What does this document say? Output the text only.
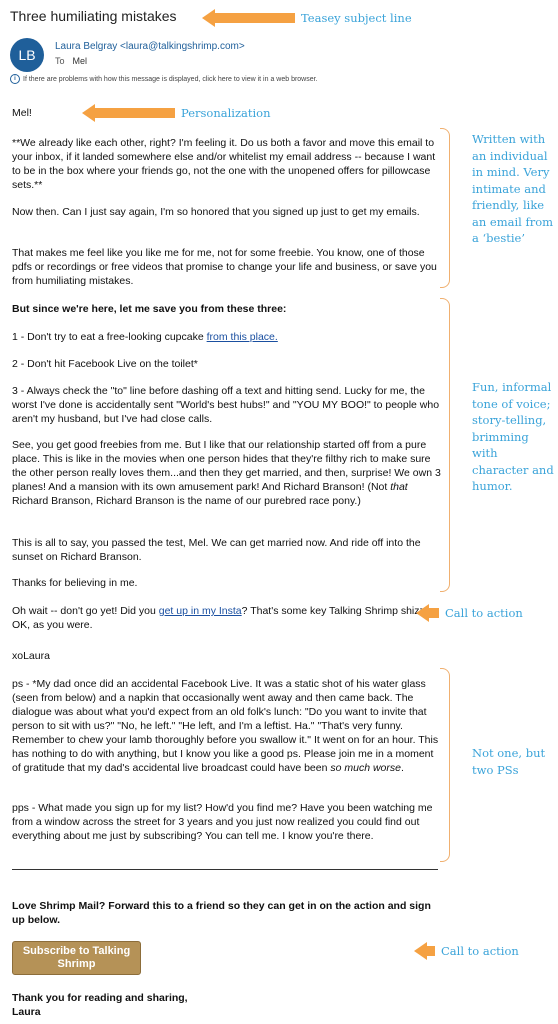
Three humiliating mistakes
LB
Laura Belgray <laura@talkingshrimp.com>
To Mel
i	If there are problems with how this message is displayed, click here to view it in a web browser.
Mel!
**We already like each other, right? I'm feeling it. Do us both a favor and move this email to your inbox, if it landed somewhere else and/or whitelist my email address -- because I want to be in the box where your friends go, not the one with the unopened offers for pillowcase sets.**
Now then. Can I just say again, I'm so honored that you signed up just to get my emails.
That makes me feel like you like me for me, not for some freebie. You know, one of those pdfs or recordings or free videos that promise to change your life and business, or save you from humiliating mistakes.
But since we're here, let me save you from these three:
1 - Don't try to eat a free-looking cupcake from this place.
2 - Don't hit Facebook Live on the toilet*
3 - Always check the "to" line before dashing off a text and hitting send. Lucky for me, the worst I've done is accidentally sent "World's best hubs!" and "YOU MY BOO!" to people who aren't my husband, but I've had close calls.
See, you get good freebies from me. But I like that our relationship started off from a pure place. This is like in the movies when one person hides that they're filthy rich to make sure the other person really loves them...and then they get married, and then, surprise! We own 3 planes! And a mansion with its own amusement park! And Richard Branson! (Not that Richard Branson, Richard Branson is the name of our purebred race pony.)
This is all to say, you passed the test, Mel. We can get married now. And ride off into the sunset on Richard Branson.
Thanks for believing in me.
Oh wait -- don't go yet! Did you get up in my Insta? That's some key Talking Shrimp shizz. OK, as you were.
xoLaura
ps - *My dad once did an accidental Facebook Live. It was a static shot of his water glass (seen from below) and a napkin that occasionally went away and then came back. The dialogue was about what you'd expect from an old folk's lunch: "Do you want to invite that person to sit with us?" "No, he left." "He left, and I'm a leftist. Ha." "That's very funny. Remember to chew your lamb thoroughly before you swallow it." It went on for an hour. This has nothing to do with anything, but I know you like a good ps. Please join me in a moment of gratitude that my dad's accidental live broadcast could have been so much worse.
pps - What made you sign up for my list? How'd you find me? Have you been watching me from a window across the street for 3 years and you just now realized you could find out everything about me just by subscribing? You can tell me. I know you're there.
Love Shrimp Mail? Forward this to a friend so they can get in on the action and sign up below.
Subscribe to Talking Shrimp
Thank you for reading and sharing,
Laura
Teasey subject line
Personalization
Call to action
Call to action
Written with an individual in mind. Very intimate and friendly, like an email from a ‘bestie’
Fun, informal tone of voice; story-telling, brimming with character and humor.
Not one, but two PSs
